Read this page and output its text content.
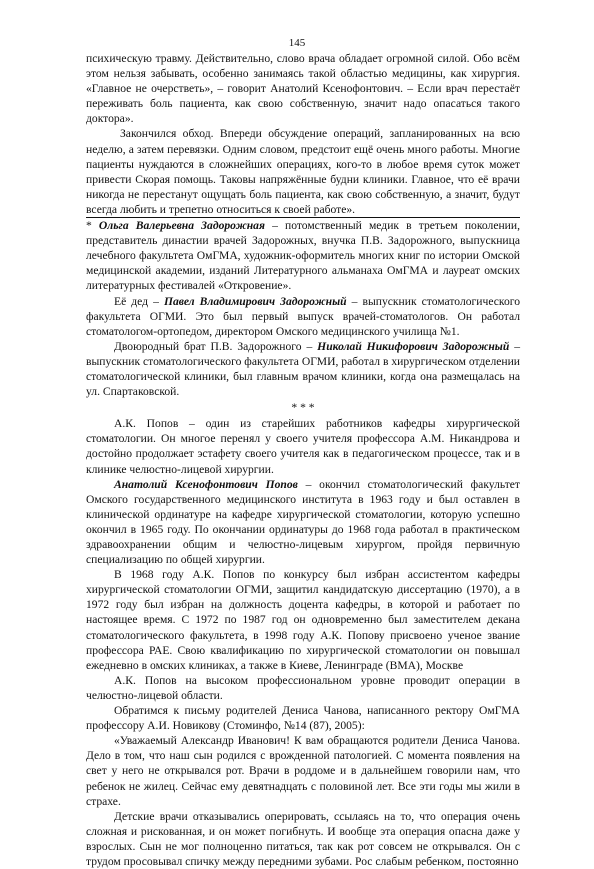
145

психическую травму. Действительно, слово врача обладает огромной силой. Обо всём этом нельзя забывать, особенно занимаясь такой областью медицины, как хирургия. «Главное не очерстветь», – говорит Анатолий Ксенофонтович. – Если врач перестаёт переживать боль пациента, как свою собственную, значит надо опасаться такого доктора».

Закончился обход. Впереди обсуждение операций, запланированных на всю неделю, а затем перевязки. Одним словом, предстоит ещё очень много работы. Многие пациенты нуждаются в сложнейших операциях, кого-то в любое время суток может привести Скорая помощь. Таковы напряжённые будни клиники. Главное, что её врачи никогда не перестанут ощущать боль пациента, как свою собственную, а значит, будут всегда любить и трепетно относиться к своей работе».

* Ольга Валерьевна Задорожная – потомственный медик в третьем поколении, представитель династии врачей Задорожных, внучка П.В. Задорожного, выпускница лечебного факультета ОмГМА, художник-оформитель многих книг по истории Омской медицинской академии, изданий Литературного альманаха ОмГМА и лауреат омских литературных фестивалей «Откровение».

Её дед – Павел Владимирович Задорожный – выпускник стоматологического факультета ОГМИ. Это был первый выпуск врачей-стоматологов. Он работал стоматологом-ортопедом, директором Омского медицинского училища №1.

Двоюродный брат П.В. Задорожного – Николай Никифорович Задорожный – выпускник стоматологического факультета ОГМИ, работал в хирургическом отделении стоматологической клиники, был главным врачом клиники, когда она размещалась на ул. Спартаковской.

* * *

А.К. Попов – один из старейших работников кафедры хирургической стоматологии. Он многое перенял у своего учителя профессора А.М. Никандрова и достойно продолжает эстафету своего учителя как в педагогическом процессе, так и в клинике челюстно-лицевой хирургии.

Анатолий Ксенофонтович Попов – окончил стоматологический факультет Омского государственного медицинского института в 1963 году и был оставлен в клинической ординатуре на кафедре хирургической стоматологии, которую успешно окончил в 1965 году. По окончании ординатуры до 1968 года работал в практическом здравоохранении общим и челюстно-лицевым хирургом, пройдя первичную специализацию по общей хирургии.

В 1968 году А.К. Попов по конкурсу был избран ассистентом кафедры хирургической стоматологии ОГМИ, защитил кандидатскую диссертацию (1970), а в 1972 году был избран на должность доцента кафедры, в которой и работает по настоящее время. С 1972 по 1987 год он одновременно был заместителем декана стоматологического факультета, в 1998 году А.К. Попову присвоено ученое звание профессора РАЕ. Свою квалификацию по хирургической стоматологии он повышал ежедневно в омских клиниках, а также в Киеве, Ленинграде (ВМА), Москве

А.К. Попов на высоком профессиональном уровне проводит операции в челюстно-лицевой области.

Обратимся к письму родителей Дениса Чанова, написанного ректору ОмГМА профессору А.И. Новикову (Стоминфо, №14 (87), 2005):

«Уважаемый Александр Иванович! К вам обращаются родители Дениса Чанова. Дело в том, что наш сын родился с врожденной патологией. С момента появления на свет у него не открывался рот. Врачи в роддоме и в дальнейшем говорили нам, что ребенок не жилец. Сейчас ему девятнадцать с половиной лет. Все эти годы мы жили в страхе.

Детские врачи отказывались оперировать, ссылаясь на то, что операция очень сложная и рискованная, и он может погибнуть. И вообще эта операция опасна даже у взрослых. Сын не мог полноценно питаться, так как рот совсем не открывался. Он с трудом просовывал спичку между передними зубами. Рос слабым ребенком, постоянно
